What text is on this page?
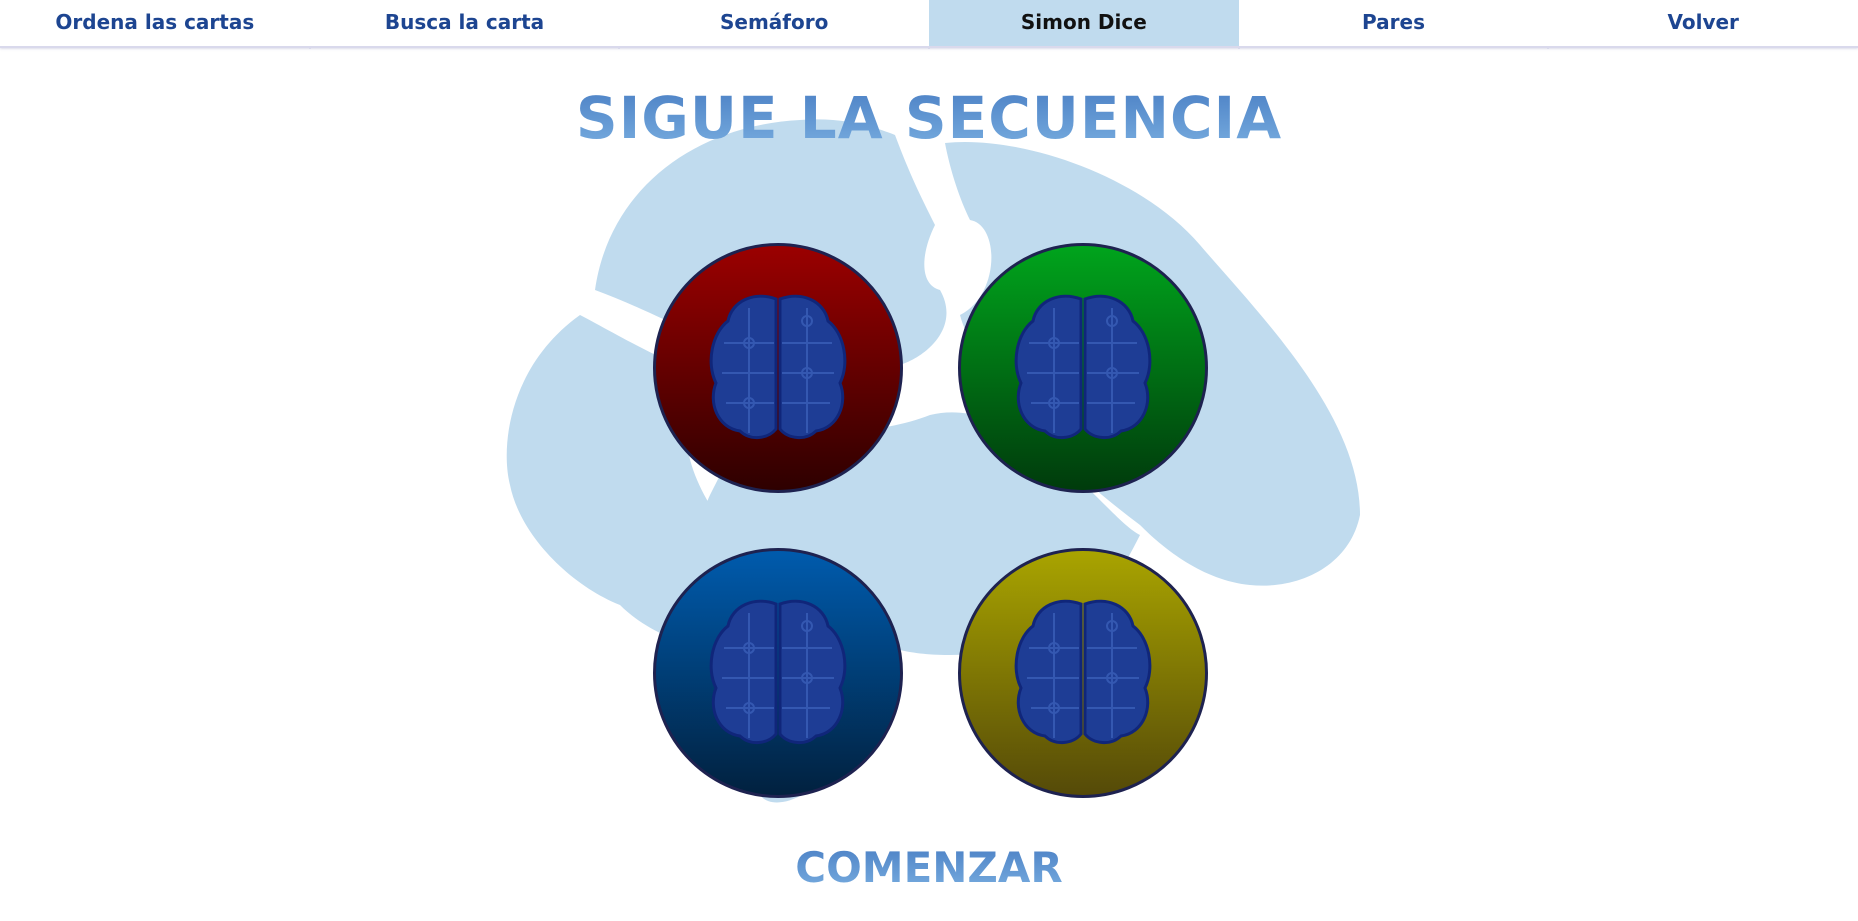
Ordena las cartas	Busca la carta	Semáforo	Simon Dice	Pares	Volver
SIGUE LA SECUENCIA
COMENZAR
